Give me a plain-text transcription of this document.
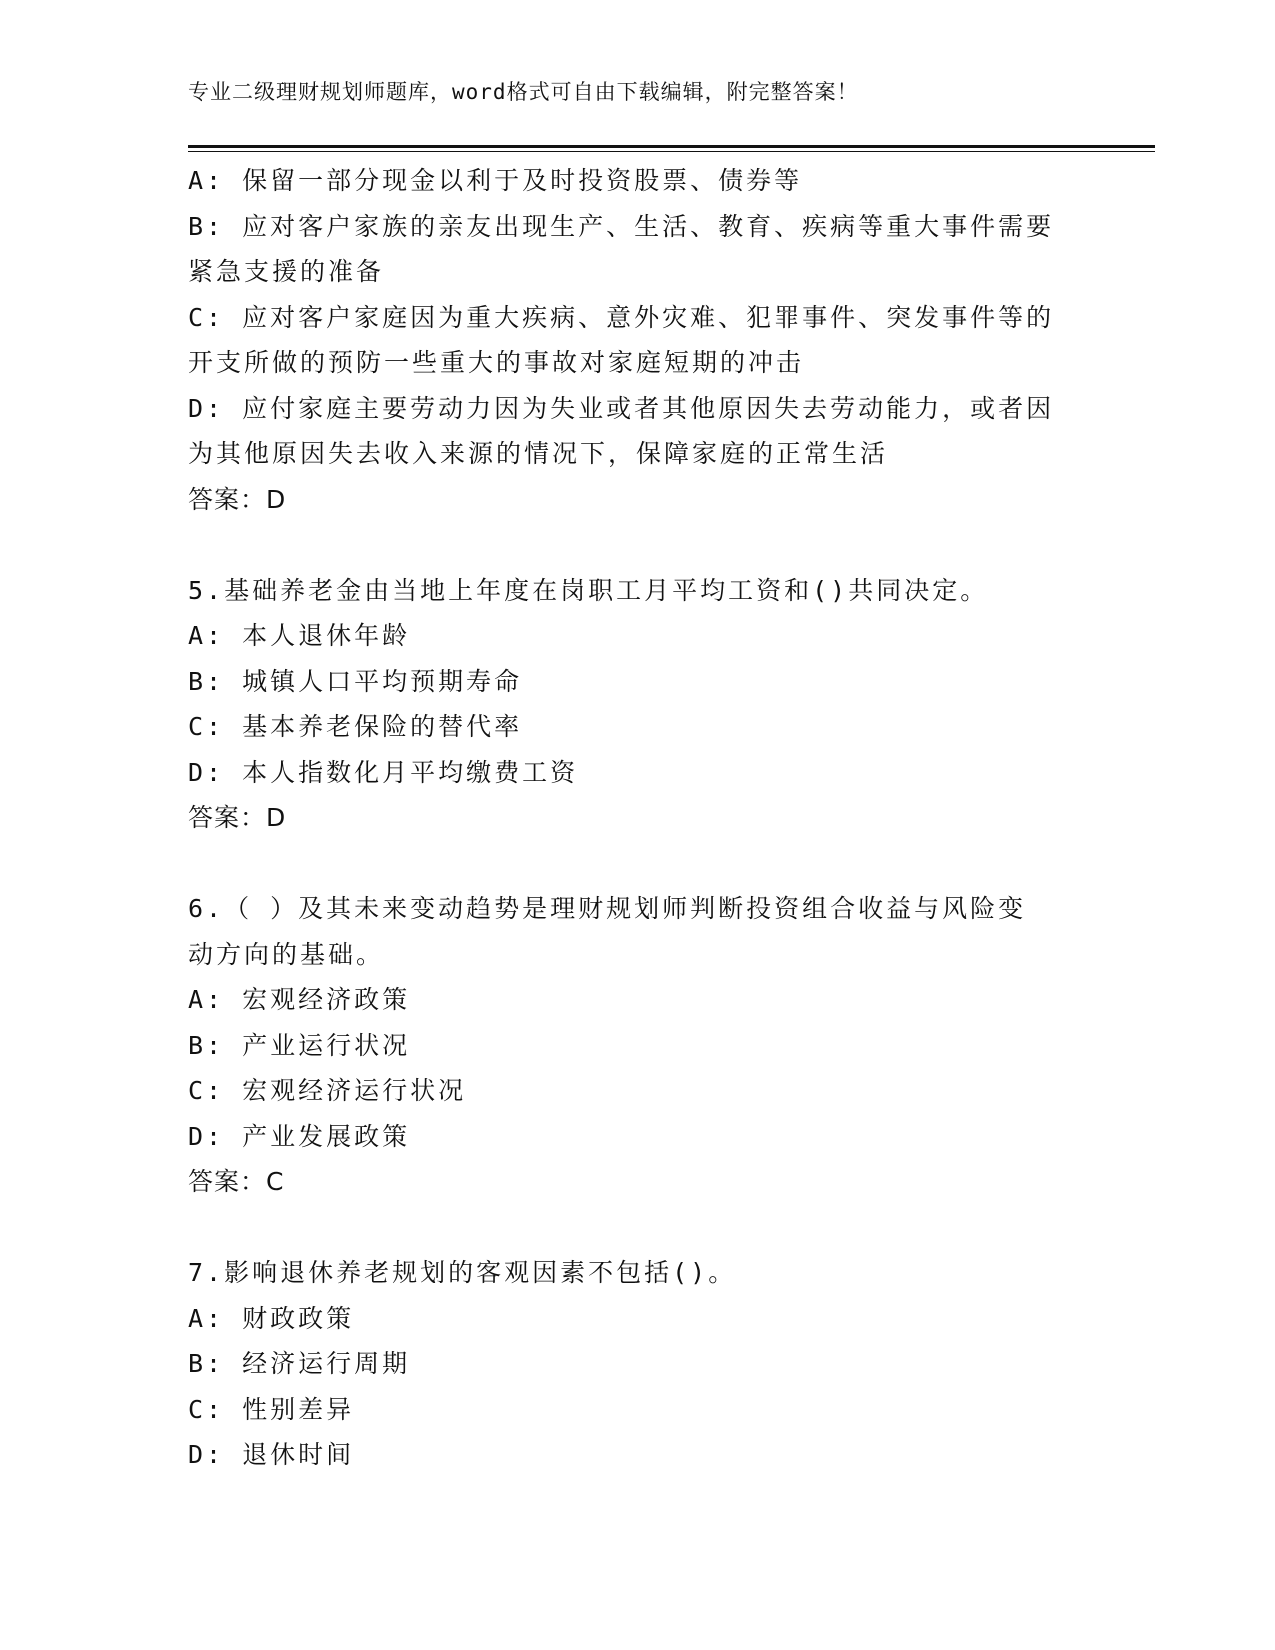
专业二级理财规划师题库，word格式可自由下载编辑，附完整答案！
A: 保留一部分现金以利于及时投资股票、债券等
B: 应对客户家族的亲友出现生产、生活、教育、疾病等重大事件需要
紧急支援的准备
C: 应对客户家庭因为重大疾病、意外灾难、犯罪事件、突发事件等的
开支所做的预防一些重大的事故对家庭短期的冲击
D: 应付家庭主要劳动力因为失业或者其他原因失去劳动能力，或者因
为其他原因失去收入来源的情况下，保障家庭的正常生活
答案：D
5.基础养老金由当地上年度在岗职工月平均工资和()共同决定。
A: 本人退休年龄
B: 城镇人口平均预期寿命
C: 基本养老保险的替代率
D: 本人指数化月平均缴费工资
答案：D
6.（ ）及其未来变动趋势是理财规划师判断投资组合收益与风险变
动方向的基础。
A: 宏观经济政策
B: 产业运行状况
C: 宏观经济运行状况
D: 产业发展政策
答案：C
7.影响退休养老规划的客观因素不包括()。
A: 财政政策
B: 经济运行周期
C: 性别差异
D: 退休时间
